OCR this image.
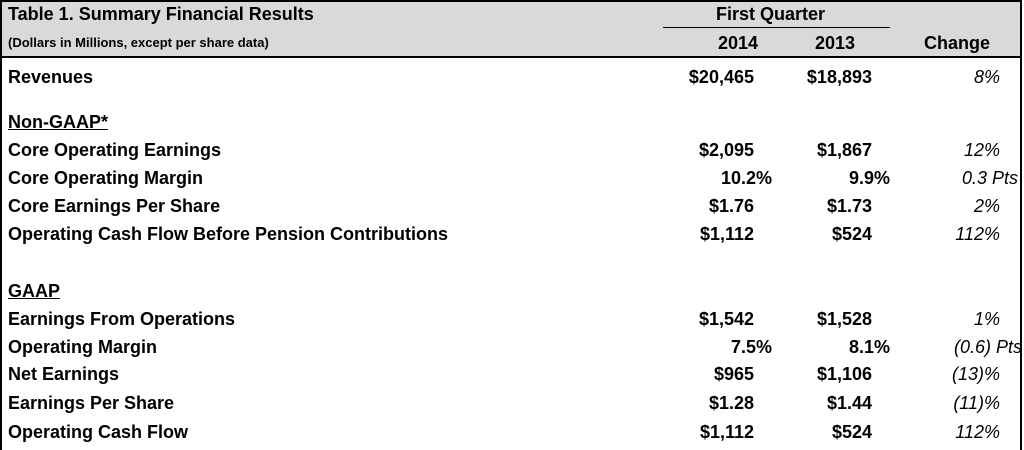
Table 1. Summary Financial Results
(Dollars in Millions, except per share data)
First Quarter
2014	2013	Change
Revenues	$20,465	$18,893	8%
Non-GAAP*
Core Operating Earnings	$2,095	$1,867	12%
Core Operating Margin	10.2%	9.9%	0.3 Pts
Core Earnings Per Share	$1.76	$1.73	2%
Operating Cash Flow Before Pension Contributions	$1,112	$524	112%
GAAP
Earnings From Operations	$1,542	$1,528	1%
Operating Margin	7.5%	8.1%	(0.6) Pts
Net Earnings	$965	$1,106	(13)%
Earnings Per Share	$1.28	$1.44	(11)%
Operating Cash Flow	$1,112	$524	112%
